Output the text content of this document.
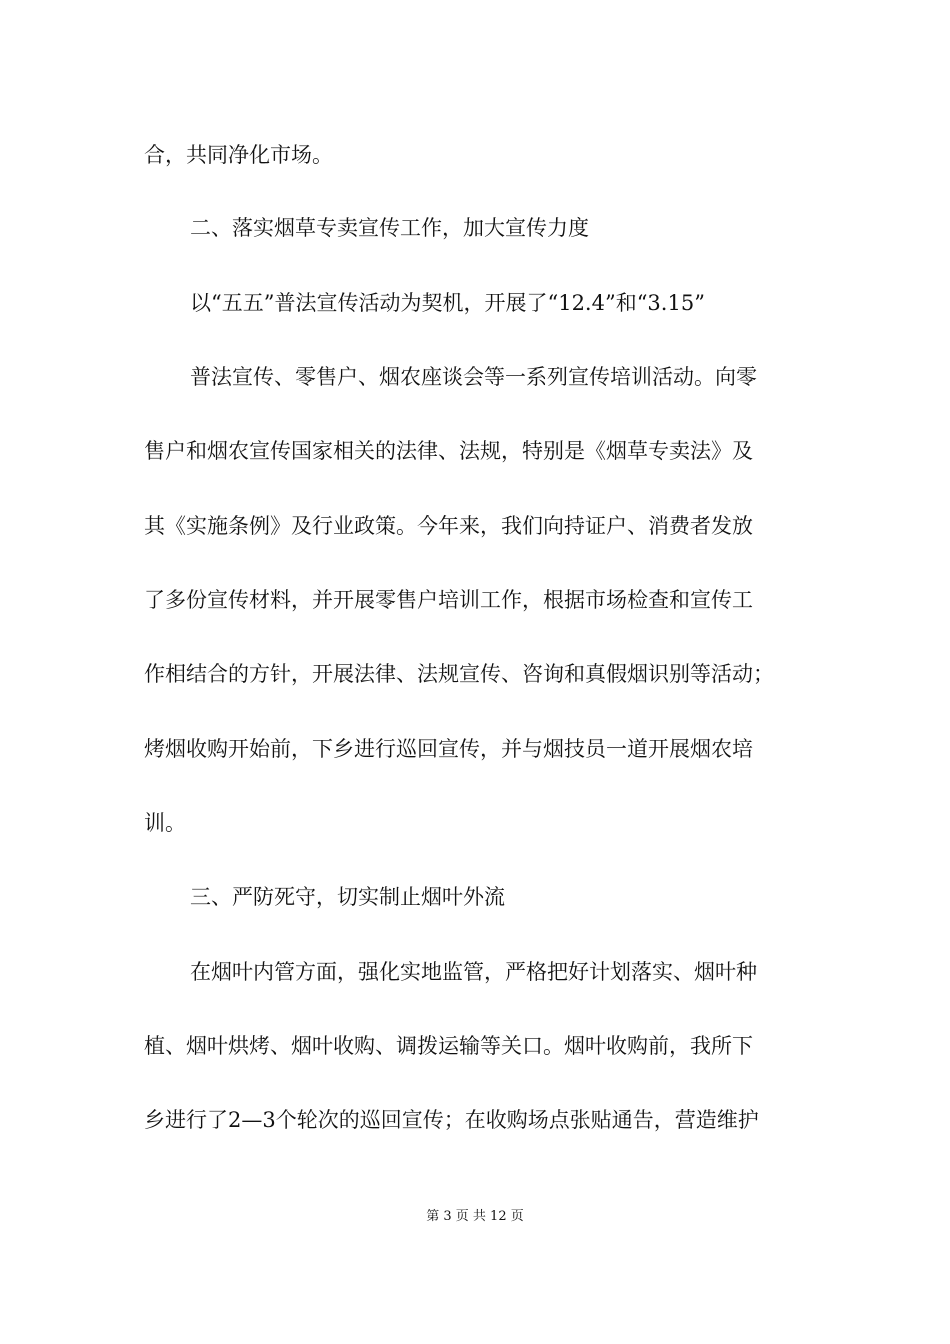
合，共同净化市场。
二、落实烟草专卖宣传工作，加大宣传力度
以“五五”普法宣传活动为契机，开展了“12.4”和“3.15”
普法宣传、零售户、烟农座谈会等一系列宣传培训活动。向零
售户和烟农宣传国家相关的法律、法规，特别是《烟草专卖法》及
其《实施条例》及行业政策。今年来，我们向持证户、消费者发放
了多份宣传材料，并开展零售户培训工作，根据市场检查和宣传工
作相结合的方针，开展法律、法规宣传、咨询和真假烟识别等活动；
烤烟收购开始前，下乡进行巡回宣传，并与烟技员一道开展烟农培
训。
三、严防死守，切实制止烟叶外流
在烟叶内管方面，强化实地监管，严格把好计划落实、烟叶种
植、烟叶烘烤、烟叶收购、调拨运输等关口。烟叶收购前，我所下
乡进行了2—3个轮次的巡回宣传；在收购场点张贴通告，营造维护
第 3 页 共 12 页
